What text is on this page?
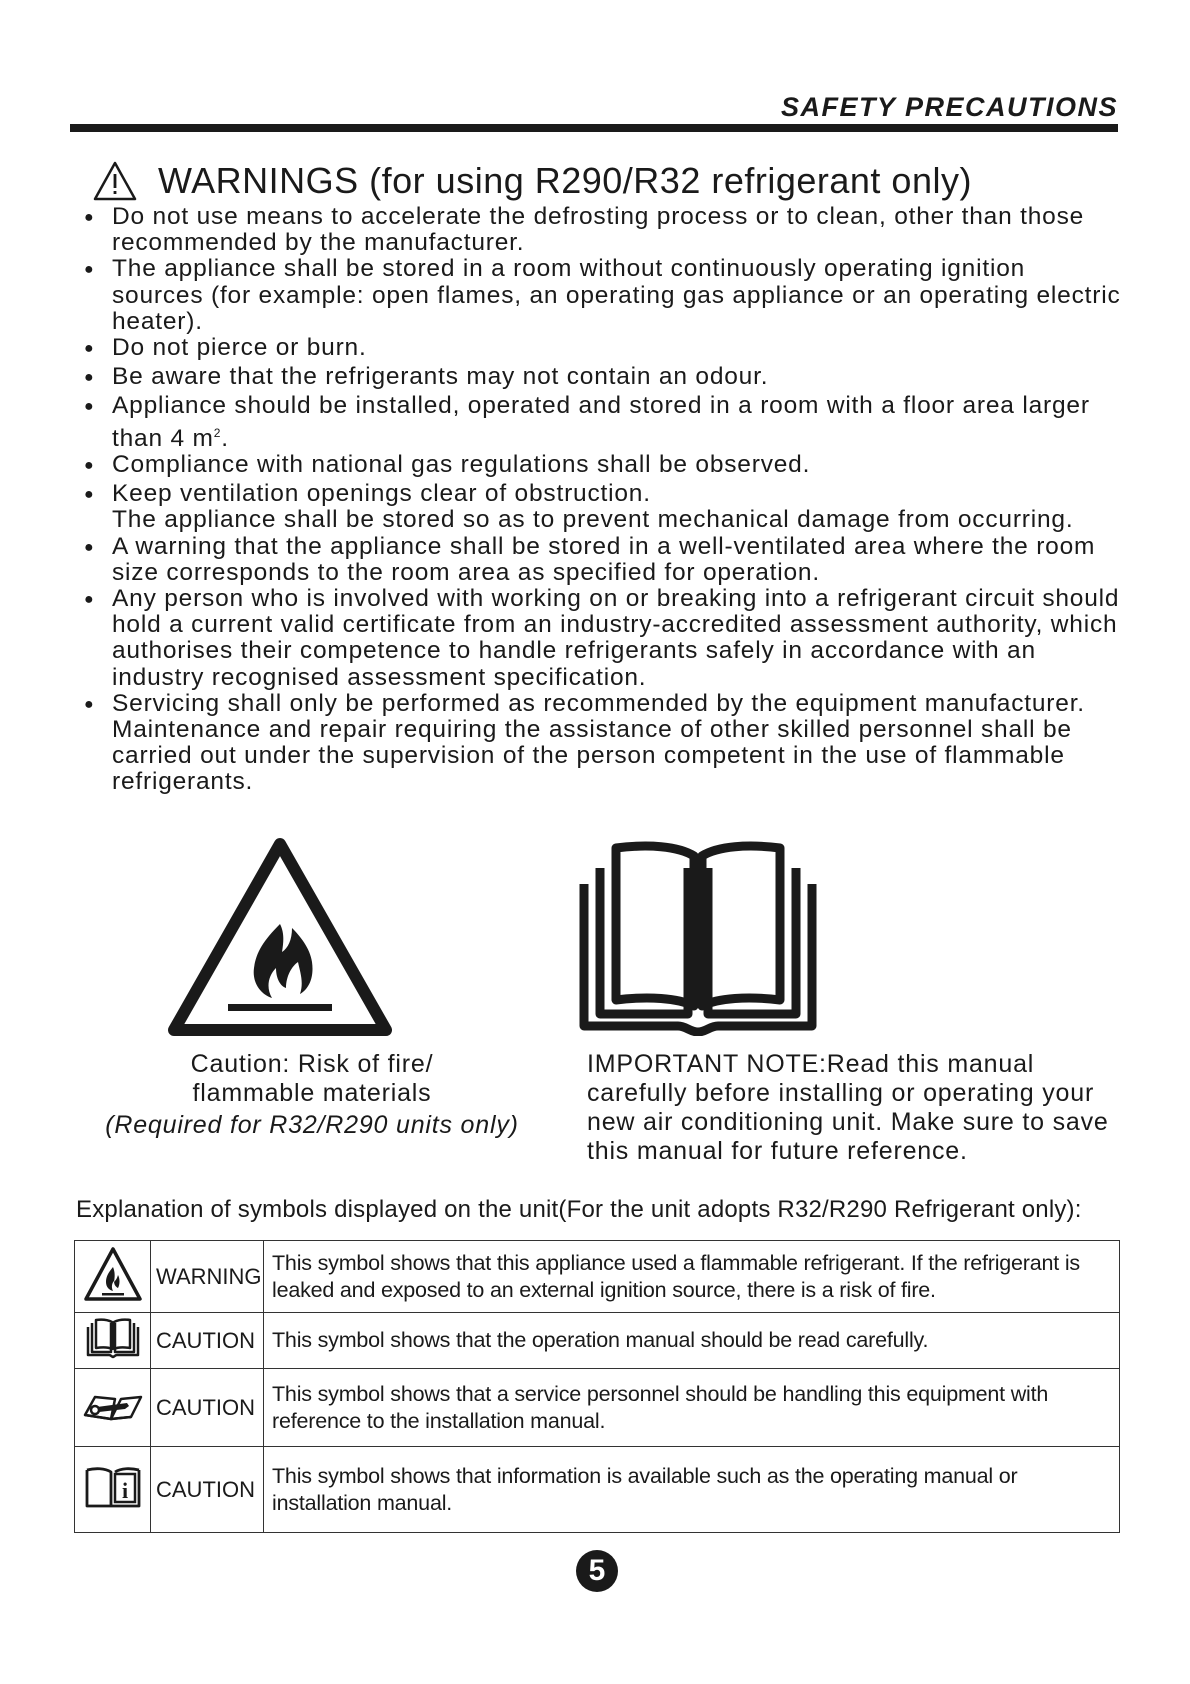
SAFETY PRECAUTIONS
WARNINGS (for using R290/R32 refrigerant only)
●
Do not use means to accelerate the defrosting process or to clean, other than those recommended by the manufacturer.
●
The appliance shall be stored in a room without continuously operating ignition sources (for example: open flames, an operating gas appliance or an operating electric heater).
●
Do not pierce or burn.
●
Be aware that the refrigerants may not contain an odour.
●
Appliance should be installed, operated and stored in a room with a floor area larger than 4 $m^2$.
●
Compliance with national gas regulations shall be observed.
●
Keep ventilation openings clear of obstruction.
The appliance shall be stored so as to prevent mechanical damage from occurring.
●
A warning that the appliance shall be stored in a well-ventilated area where the room size corresponds to the room area as specified for operation.
●
Any person who is involved with working on or breaking into a refrigerant circuit should hold a current valid certificate from an industry-accredited assessment authority, which authorises their competence to handle refrigerants safely in accordance with an industry recognised assessment specification.
●
Servicing shall only be performed as recommended by the equipment manufacturer. Maintenance and repair requiring the assistance of other skilled personnel shall be carried out under the supervision of the person competent in the use of flammable refrigerants.
Caution: Risk of fire/
flammable materials
(Required for R32/R290 units only)
IMPORTANT NOTE:Read this manual carefully before installing or operating your new air conditioning unit. Make sure to save this manual for future reference.
Explanation of symbols displayed on the unit(For the unit adopts R32/R290 Refrigerant only):
	WARNING	This symbol shows that this appliance used a flammable refrigerant. If the refrigerant is leaked and exposed to an external ignition source, there is a risk of fire.
	CAUTION	This symbol shows that the operation manual should be read carefully.
	CAUTION	This symbol shows that a service personnel should be handling this equipment with reference to the installation manual.

i	CAUTION	This symbol shows that information is available such as the operating manual or installation manual.
5
